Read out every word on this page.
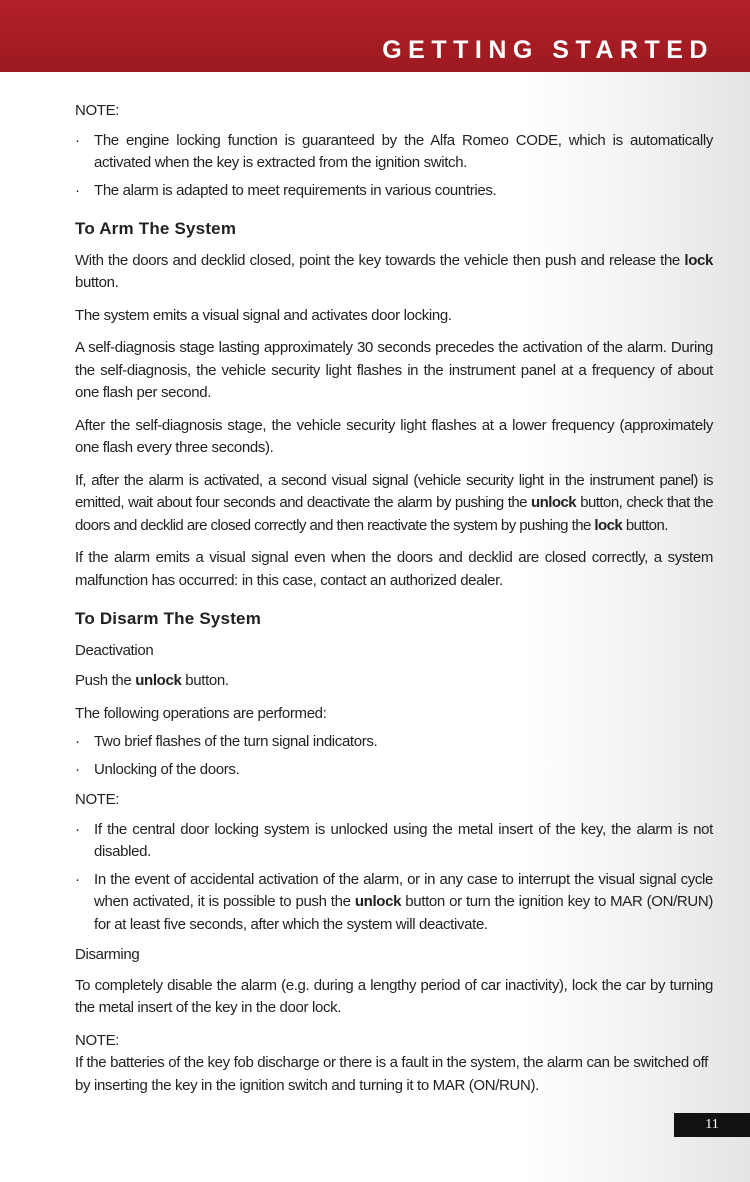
GETTING STARTED
NOTE:
· The engine locking function is guaranteed by the Alfa Romeo CODE, which is automatically activated when the key is extracted from the ignition switch.
· The alarm is adapted to meet requirements in various countries.
To Arm The System

With the doors and decklid closed, point the key towards the vehicle then push and release the lock button.

The system emits a visual signal and activates door locking.

A self-diagnosis stage lasting approximately 30 seconds precedes the activation of the alarm. During the self-diagnosis, the vehicle security light flashes in the instrument panel at a frequency of about one flash per second.

After the self-diagnosis stage, the vehicle security light flashes at a lower frequency (approximately one flash every three seconds).

If, after the alarm is activated, a second visual signal (vehicle security light in the instrument panel) is emitted, wait about four seconds and deactivate the alarm by pushing the unlock button, check that the doors and decklid are closed correctly and then reactivate the system by pushing the lock button.

If the alarm emits a visual signal even when the doors and decklid are closed correctly, a system malfunction has occurred: in this case, contact an authorized dealer.

To Disarm The System
Deactivation

Push the unlock button.

The following operations are performed:

· Two brief flashes of the turn signal indicators.
· Unlocking of the doors.
NOTE:
· If the central door locking system is unlocked using the metal insert of the key, the alarm is not disabled.
· In the event of accidental activation of the alarm, or in any case to interrupt the visual signal cycle when activated, it is possible to push the unlock button or turn the ignition key to MAR (ON/RUN) for at least five seconds, after which the system will deactivate.
Disarming

To completely disable the alarm (e.g. during a lengthy period of car inactivity), lock the car by turning the metal insert of the key in the door lock.

NOTE:

If the batteries of the key fob discharge or there is a fault in the system, the alarm can be switched off by inserting the key in the ignition switch and turning it to MAR (ON/RUN).

11
